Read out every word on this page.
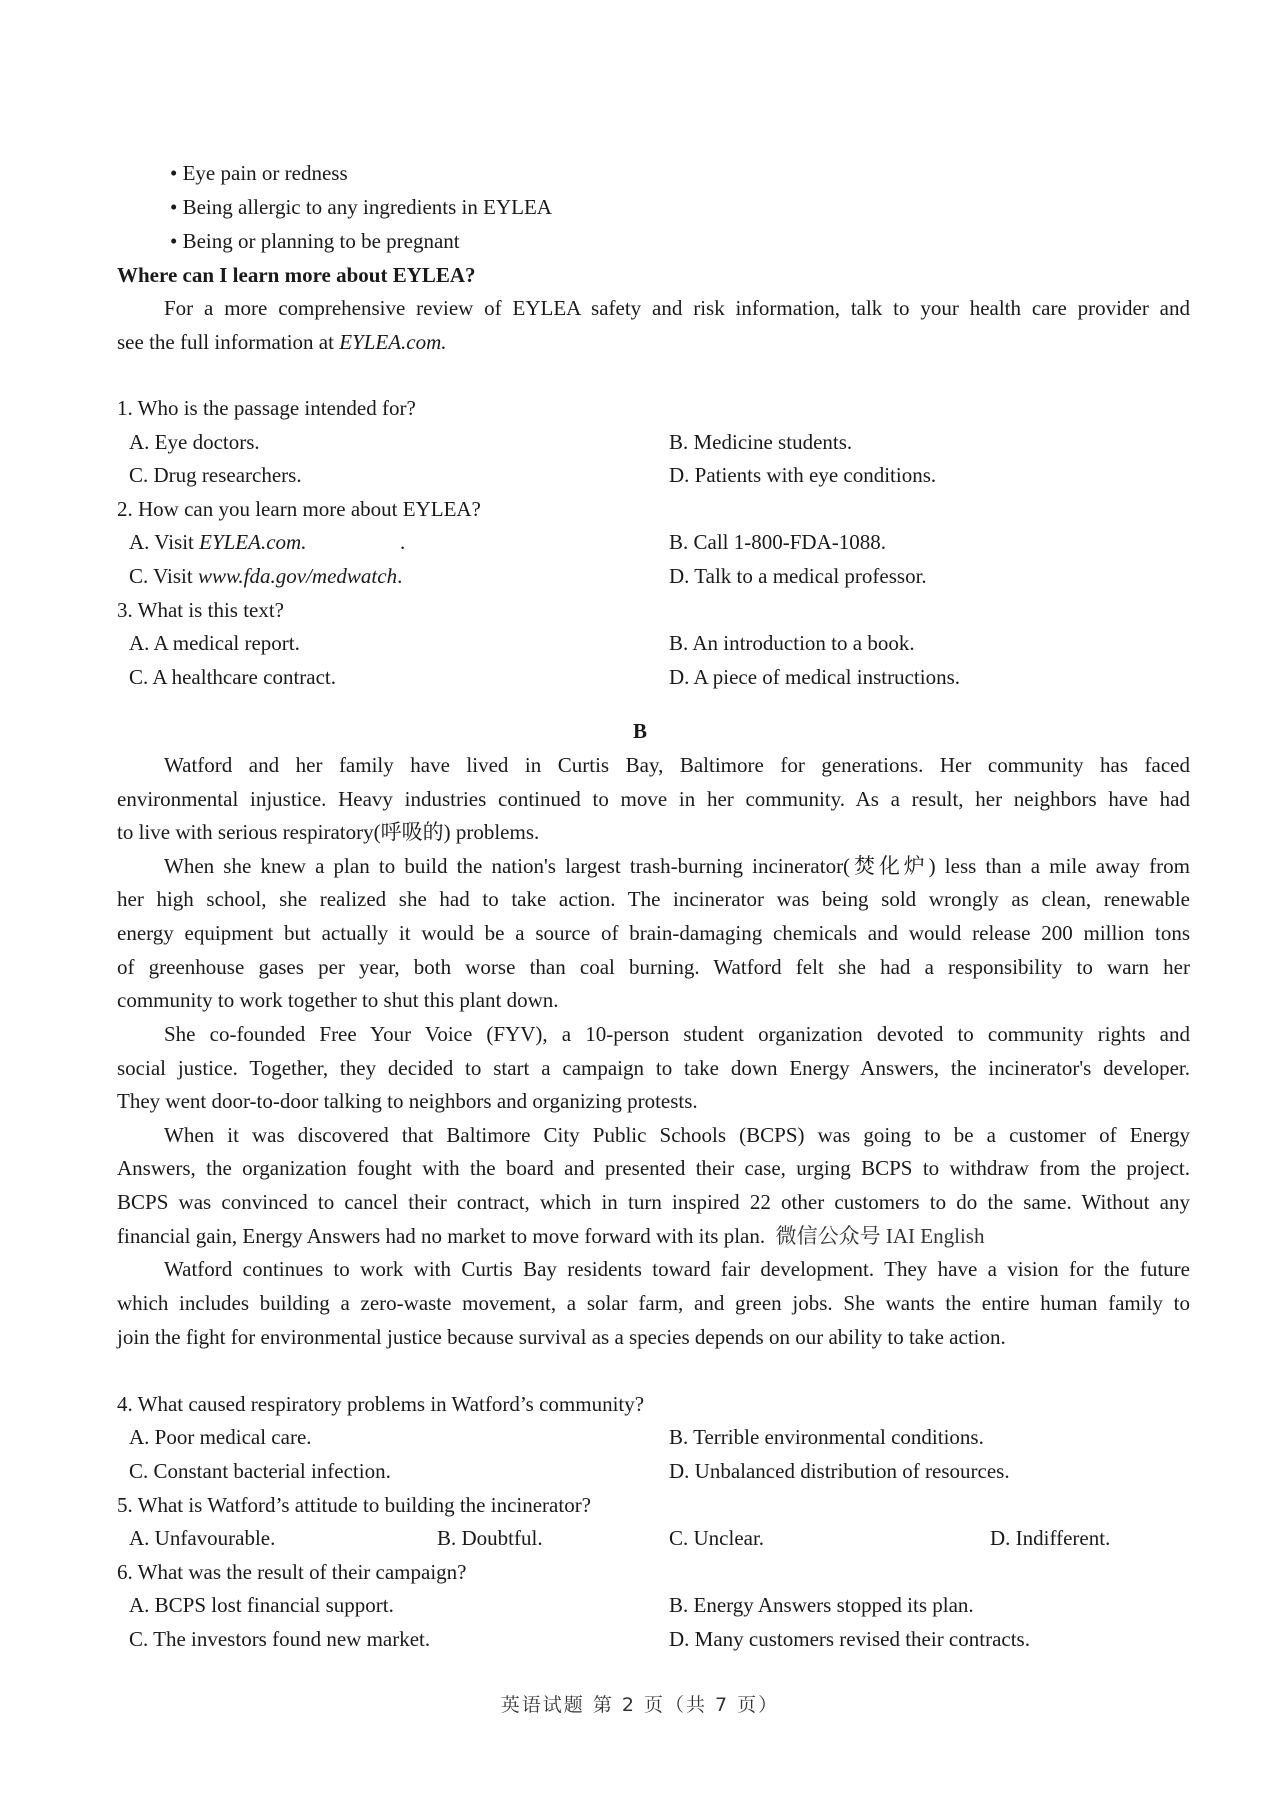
• Eye pain or redness
• Being allergic to any ingredients in EYLEA
• Being or planning to be pregnant
Where can I learn more about EYLEA?
For a more comprehensive review of EYLEA safety and risk information, talk to your health care provider and
see the full information at EYLEA.com.
1. Who is the passage intended for?
A. Eye doctors.	B. Medicine students.
C. Drug researchers.	D. Patients with eye conditions.
2. How can you learn more about EYLEA?
A. Visit EYLEA.com.	.	B. Call 1-800-FDA-1088.
C. Visit www.fda.gov/medwatch.	D. Talk to a medical professor.
3. What is this text?
A. A medical report.	B. An introduction to a book.
C. A healthcare contract.	D. A piece of medical instructions.
B
Watford and her family have lived in Curtis Bay, Baltimore for generations. Her community has faced
environmental injustice. Heavy industries continued to move in her community. As a result, her neighbors have had
to live with serious respiratory(呼吸的) problems.
When she knew a plan to build the nation's largest trash-burning incinerator(焚化炉) less than a mile away from
her high school, she realized she had to take action. The incinerator was being sold wrongly as clean, renewable
energy equipment but actually it would be a source of brain-damaging chemicals and would release 200 million tons
of greenhouse gases per year, both worse than coal burning. Watford felt she had a responsibility to warn her
community to work together to shut this plant down.
She co-founded Free Your Voice (FYV), a 10-person student organization devoted to community rights and
social justice. Together, they decided to start a campaign to take down Energy Answers, the incinerator's developer.
They went door-to-door talking to neighbors and organizing protests.
When it was discovered that Baltimore City Public Schools (BCPS) was going to be a customer of Energy
Answers, the organization fought with the board and presented their case, urging BCPS to withdraw from the project.
BCPS was convinced to cancel their contract, which in turn inspired 22 other customers to do the same. Without any
financial gain, Energy Answers had no market to move forward with its plan. 微信公众号 IAI English
Watford continues to work with Curtis Bay residents toward fair development. They have a vision for the future
which includes building a zero-waste movement, a solar farm, and green jobs. She wants the entire human family to
join the fight for environmental justice because survival as a species depends on our ability to take action.
4. What caused respiratory problems in Watford’s community?
A. Poor medical care.	B. Terrible environmental conditions.
C. Constant bacterial infection.	D. Unbalanced distribution of resources.
5. What is Watford’s attitude to building the incinerator?
A. Unfavourable.	B. Doubtful.	C. Unclear.	D. Indifferent.
6. What was the result of their campaign?
A. BCPS lost financial support.	B. Energy Answers stopped its plan.
C. The investors found new market.	D. Many customers revised their contracts.
英语试题 第 2 页（共 7 页）
